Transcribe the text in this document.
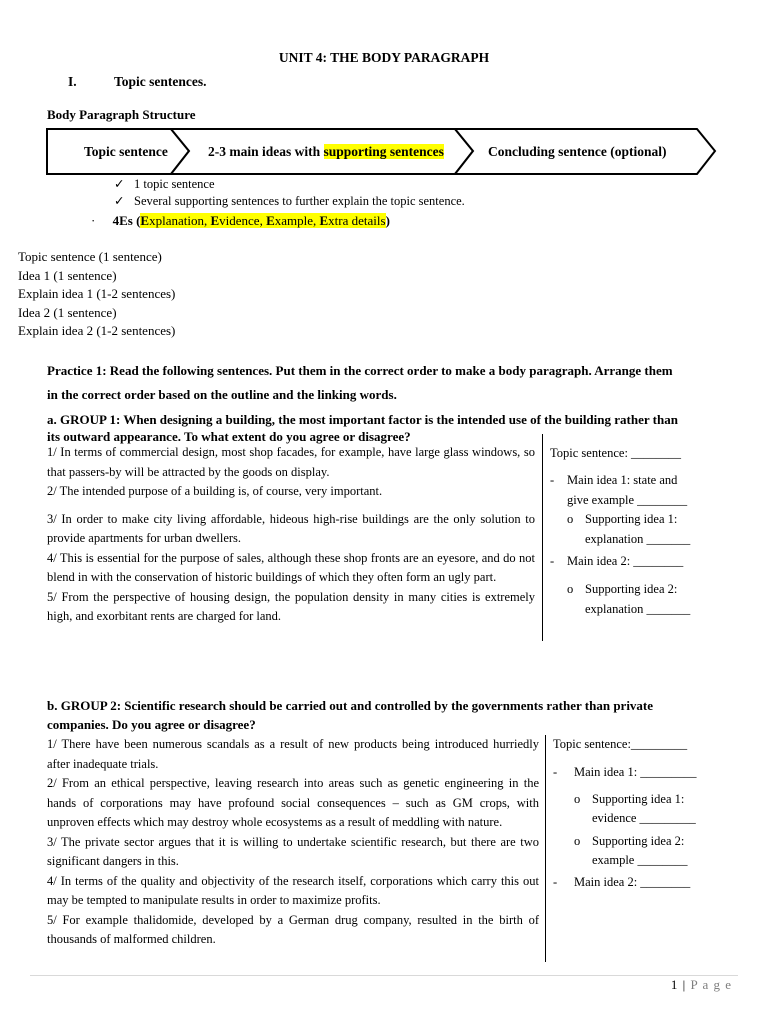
UNIT 4: THE BODY PARAGRAPH
I.	Topic sentences.
Body Paragraph Structure
Topic sentence	2-3 main ideas with supporting sentences	Concluding sentence (optional)
✓ 1 topic sentence
✓ Several supporting sentences to further explain the topic sentence.
· 4Es (Explanation, Evidence, Example, Extra details)
Topic sentence (1 sentence)
Idea 1 (1 sentence)
Explain idea 1 (1-2 sentences)
Idea 2 (1 sentence)
Explain idea 2 (1-2 sentences)
Practice 1: Read the following sentences. Put them in the correct order to make a body paragraph. Arrange them
in the correct order based on the outline and the linking words.
a. GROUP 1: When designing a building, the most important factor is the intended use of the building rather than
its outward appearance. To what extent do you agree or disagree?

1/ In terms of commercial design, most shop facades, for example, have large glass windows, so that passers-by will be attracted by the goods on display.

2/ The intended purpose of a building is, of course, very important.

3/ In order to make city living affordable, hideous high-rise buildings are the only solution to provide apartments for urban dwellers.

4/ This is essential for the purpose of sales, although these shop fronts are an eyesore, and do not blend in with the conservation of historic buildings of which they often form an ugly part.

5/ From the perspective of housing design, the population density in many cities is extremely high, and exorbitant rents are charged for land.

Topic sentence: ________
- Main idea 1: state and
give example ________
o Supporting idea 1:
explanation _______
- Main idea 2: ________
o Supporting idea 2:
explanation _______
b. GROUP 2: Scientific research should be carried out and controlled by the governments rather than private
companies. Do you agree or disagree?

1/ There have been numerous scandals as a result of new products being introduced hurriedly after inadequate trials.

2/ From an ethical perspective, leaving research into areas such as genetic engineering in the hands of corporations may have profound social consequences – such as GM crops, with unproven effects which may destroy whole ecosystems as a result of meddling with nature.

3/ The private sector argues that it is willing to undertake scientific research, but there are two significant dangers in this.

4/ In terms of the quality and objectivity of the research itself, corporations which carry this out may be tempted to manipulate results in order to maximize profits.

5/ For example thalidomide, developed by a German drug company, resulted in the birth of thousands of malformed children.

Topic sentence:_________
- Main idea 1: _________
o Supporting idea 1:
evidence _________
o Supporting idea 2:
example ________
- Main idea 2: ________
1 | P a g e
